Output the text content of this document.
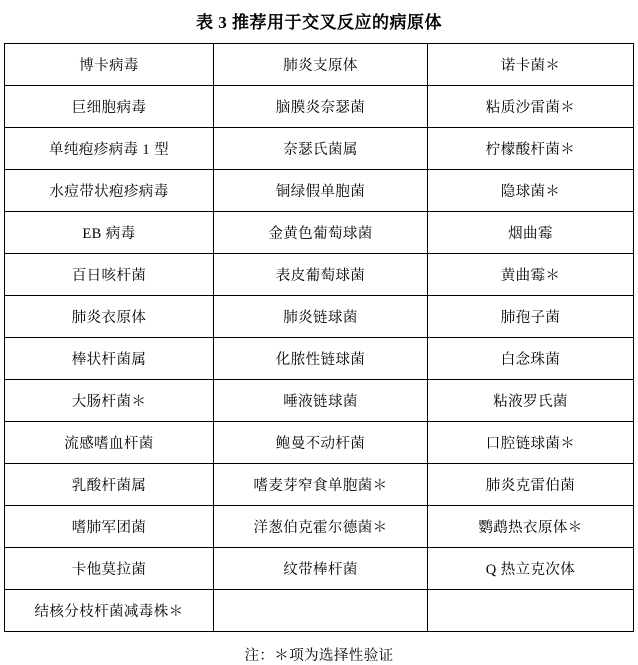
表 3 推荐用于交叉反应的病原体
博卡病毒	肺炎支原体	诺卡菌＊
巨细胞病毒	脑膜炎奈瑟菌	粘质沙雷菌＊
单纯疱疹病毒 1 型	奈瑟氏菌属	柠檬酸杆菌＊
水痘带状疱疹病毒	铜绿假单胞菌	隐球菌＊
EB 病毒	金黄色葡萄球菌	烟曲霉
百日咳杆菌	表皮葡萄球菌	黄曲霉＊
肺炎衣原体	肺炎链球菌	肺孢子菌
棒状杆菌属	化脓性链球菌	白念珠菌
大肠杆菌＊	唾液链球菌	粘液罗氏菌
流感嗜血杆菌	鲍曼不动杆菌	口腔链球菌＊
乳酸杆菌属	嗜麦芽窄食单胞菌＊	肺炎克雷伯菌
嗜肺军团菌	洋葱伯克霍尔德菌＊	鹦鹉热衣原体＊
卡他莫拉菌	纹带棒杆菌	Q 热立克次体
结核分枝杆菌减毒株＊		
注：＊项为选择性验证
